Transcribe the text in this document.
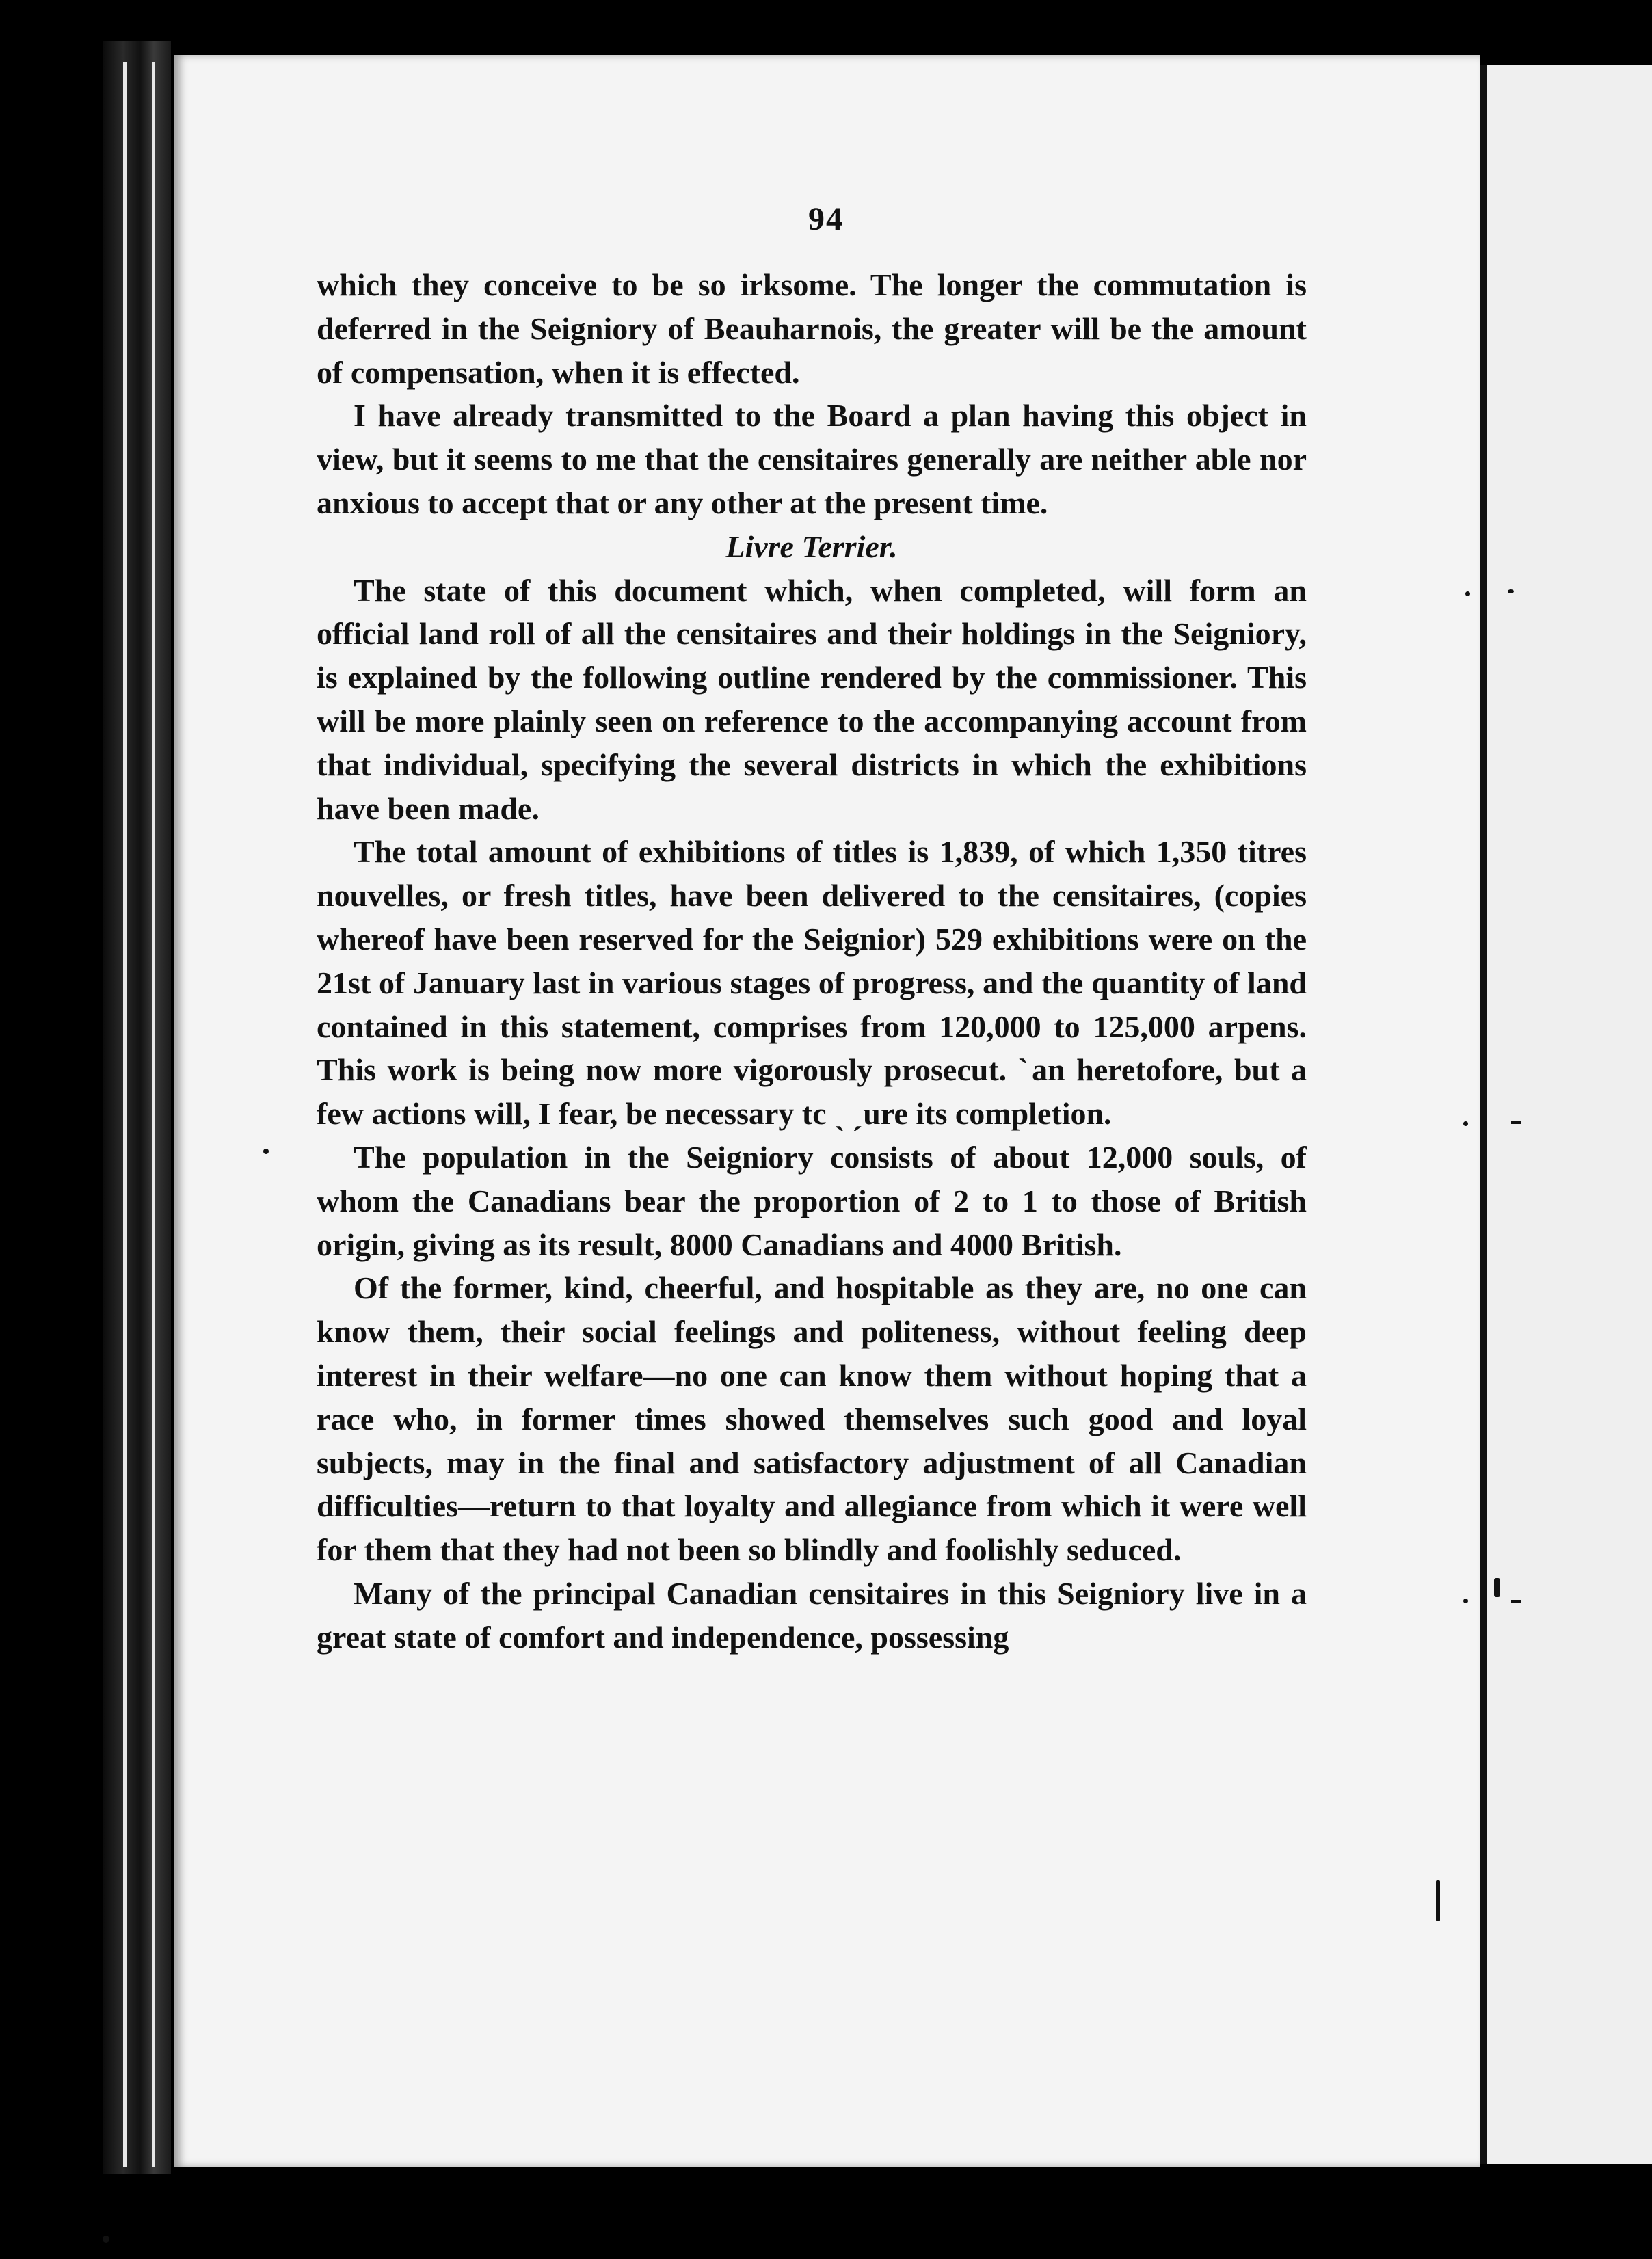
94

which they conceive to be so irksome. The longer the commutation is deferred in the Seigniory of Beauharnois, the greater will be the amount of compensation, when it is effected.

I have already transmitted to the Board a plan having this object in view, but it seems to me that the censitaires generally are neither able nor anxious to accept that or any other at the present time.

Livre Terrier.

The state of this document which, when completed, will form an official land roll of all the censitaires and their holdings in the Seigniory, is explained by the following outline rendered by the commissioner. This will be more plainly seen on reference to the accompanying account from that individual, specifying the several districts in which the exhibitions have been made.

The total amount of exhibitions of titles is 1,839, of which 1,350 titres nouvelles, or fresh titles, have been delivered to the censitaires, (copies whereof have been reserved for the Seignior) 529 exhibitions were on the 21st of January last in various stages of progress, and the quantity of land contained in this statement, comprises from 120,000 to 125,000 arpens. This work is being now more vigorously prosecut. ˋan heretofore, but a few actions will, I fear, be necessary tc ˎ ˏure its completion.

The population in the Seigniory consists of about 12,000 souls, of whom the Canadians bear the proportion of 2 to 1 to those of British origin, giving as its result, 8000 Canadians and 4000 British.

Of the former, kind, cheerful, and hospitable as they are, no one can know them, their social feelings and politeness, without feeling deep interest in their welfare—no one can know them without hoping that a race who, in former times showed themselves such good and loyal subjects, may in the final and satisfactory adjustment of all Canadian difficulties—return to that loyalty and allegiance from which it were well for them that they had not been so blindly and foolishly seduced.

Many of the principal Canadian censitaires in this Seigniory live in a great state of comfort and independence, possessing
